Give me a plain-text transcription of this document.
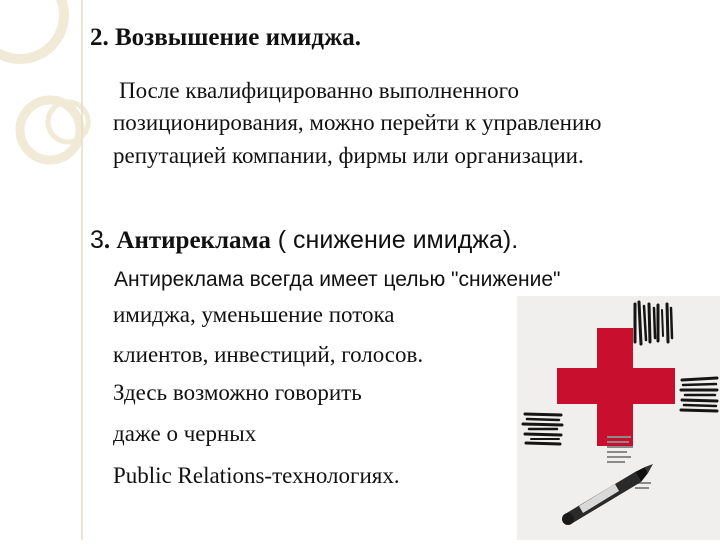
2. Возвышение имиджа.
После квалифицированно выполненного
позиционирования, можно перейти к управлению
репутацией компании, фирмы или организации.
3. Антиреклама ( снижение имиджа).
Антиреклама всегда имеет целью "снижение"
имиджа, уменьшение потока
клиентов, инвестиций, голосов.
Здесь возможно говорить
даже о черных
Public Relations-технологиях.
